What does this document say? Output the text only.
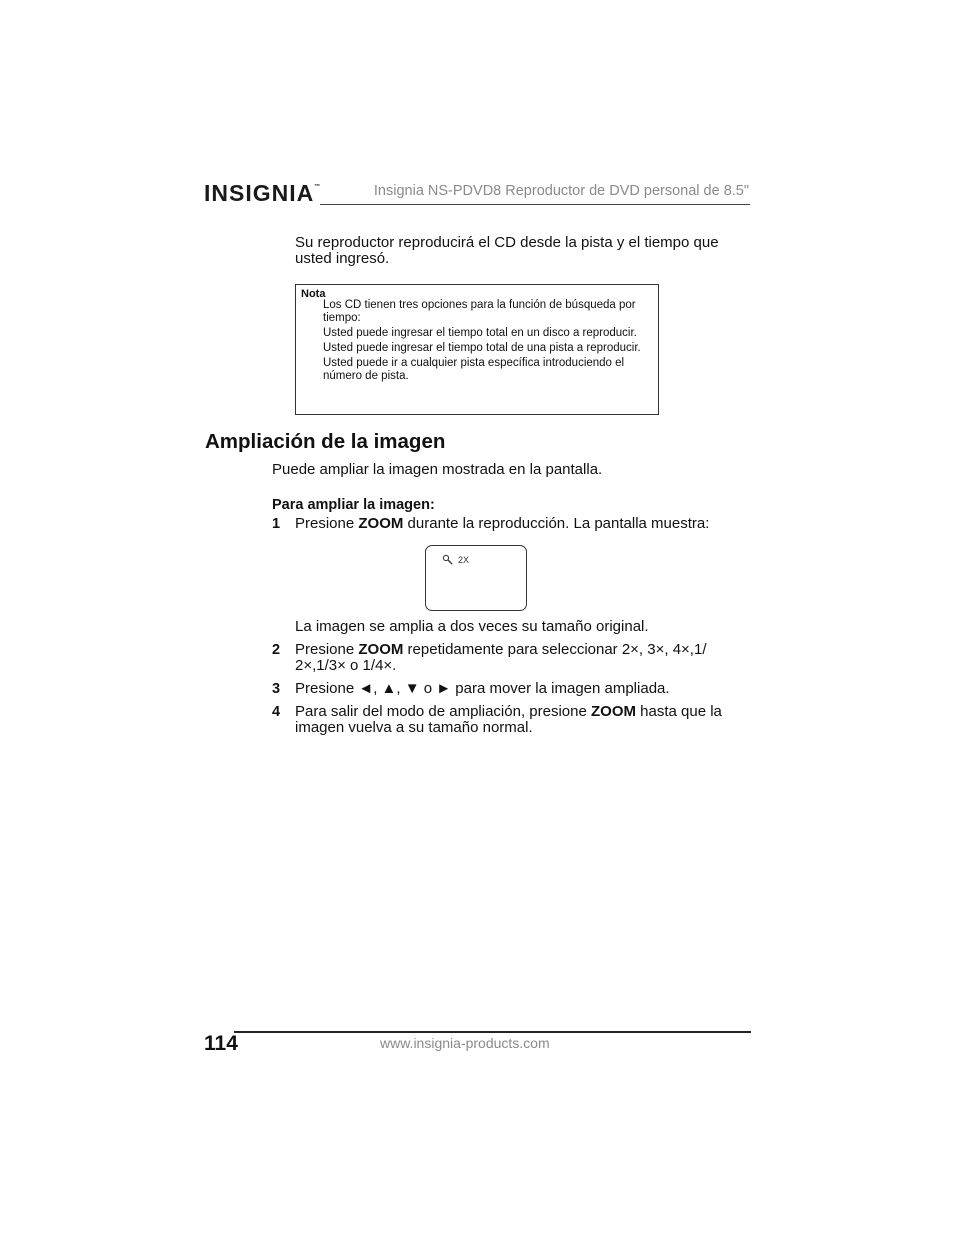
INSIGNIA™	Insignia NS-PDVD8 Reproductor de DVD personal de 8.5"
Su reproductor reproducirá el CD desde la pista y el tiempo que usted ingresó.
Nota
Los CD tienen tres opciones para la función de búsqueda por tiempo:
Usted puede ingresar el tiempo total en un disco a reproducir.
Usted puede ingresar el tiempo total de una pista a reproducir.
Usted puede ir a cualquier pista específica introduciendo el número de pista.
Ampliación de la imagen
Puede ampliar la imagen mostrada en la pantalla.
Para ampliar la imagen:
1 Presione ZOOM durante la reproducción. La pantalla muestra:
2X
La imagen se amplia a dos veces su tamaño original.
2 Presione ZOOM repetidamente para seleccionar 2×, 3×, 4×,1/ 2×,1/3× o 1/4×.
3 Presione ◄, ▲, ▼ o ► para mover la imagen ampliada.
4 Para salir del modo de ampliación, presione ZOOM hasta que la imagen vuelva a su tamaño normal.
114	www.insignia-products.com
